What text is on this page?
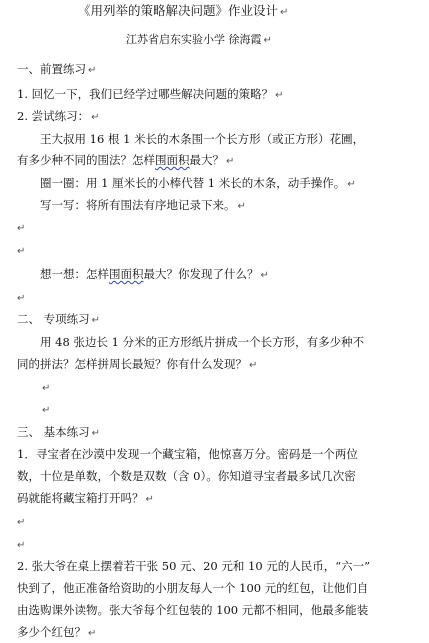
《用列举的策略解决问题》作业设计 ↵
江苏省启东实验小学 徐海霞 ↵
一、前置练习 ↵
1. 回忆一下，我们已经学过哪些解决问题的策略？ ↵
2. 尝试练习： ↵
王大叔用 16 根 1 米长的木条围一个长方形（或正方形）花圃，
有多少种不同的围法？怎样围面积最大？ ↵
圈一圈：用 1 厘米长的小棒代替 1 米长的木条，动手操作。 ↵
写一写：将所有围法有序地记录下来。 ↵
↵
↵
想一想：怎样围面积最大？你发现了什么？ ↵
↵
二、 专项练习 ↵
用 48 张边长 1 分米的正方形纸片拼成一个长方形，有多少种不
同的拼法？怎样拼周长最短？你有什么发现？ ↵
↵
↵
三、 基本练习 ↵
1．寻宝者在沙漠中发现一个藏宝箱，他惊喜万分。密码是一个两位
数，十位是单数，个数是双数（含 0）。你知道寻宝者最多试几次密
码就能将藏宝箱打开吗？ ↵
↵
↵
2. 张大爷在桌上摆着若干张 50 元、20 元和 10 元的人民币，“六一”
快到了，他正准备给资助的小朋友每人一个 100 元的红包，让他们自
由选购课外读物。张大爷每个红包装的 100 元都不相同，他最多能装
多少个红包？ ↵
